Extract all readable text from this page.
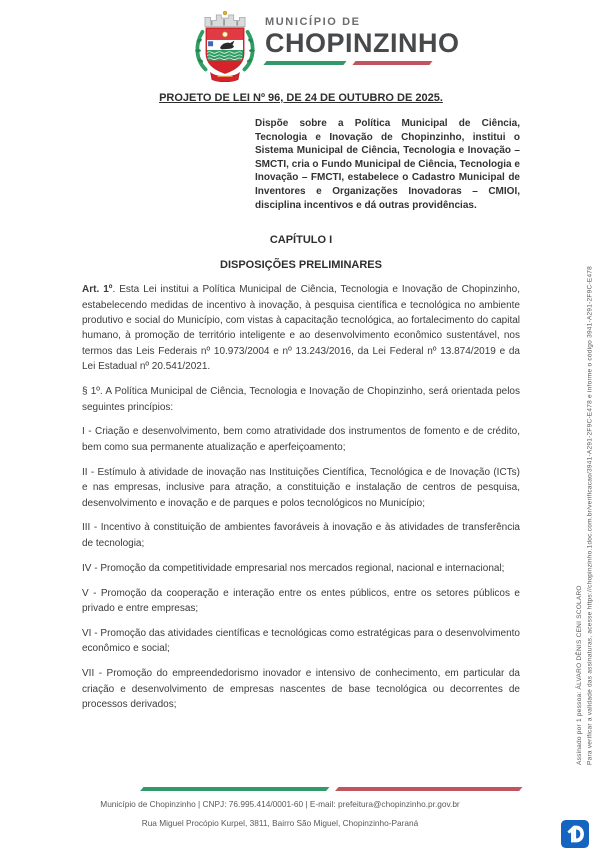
MUNICÍPIO DE
CHOPINZINHO
PROJETO DE LEI Nº 96, DE 24 DE OUTUBRO DE 2025.
Dispõe sobre a Política Municipal de Ciência, Tecnologia e Inovação de Chopinzinho, institui o Sistema Municipal de Ciência, Tecnologia e Inovação – SMCTI, cria o Fundo Municipal de Ciência, Tecnologia e Inovação – FMCTI, estabelece o Cadastro Municipal de Inventores e Organizações Inovadoras – CMIOI, disciplina incentivos e dá outras providências.
CAPÍTULO I
DISPOSIÇÕES PRELIMINARES

Art. 1º. Esta Lei institui a Política Municipal de Ciência, Tecnologia e Inovação de Chopinzinho, estabelecendo medidas de incentivo à inovação, à pesquisa científica e tecnológica no ambiente produtivo e social do Município, com vistas à capacitação tecnológica, ao fortalecimento do capital humano, à promoção de território inteligente e ao desenvolvimento econômico sustentável, nos termos das Leis Federais nº 10.973/2004 e nº 13.243/2016, da Lei Federal nº 13.874/2019 e da Lei Estadual nº 20.541/2021.

§ 1º. A Política Municipal de Ciência, Tecnologia e Inovação de Chopinzinho, será orientada pelos seguintes princípios:

I - Criação e desenvolvimento, bem como atratividade dos instrumentos de fomento e de crédito, bem como sua permanente atualização e aperfeiçoamento;

II - Estímulo à atividade de inovação nas Instituições Científica, Tecnológica e de Inovação (ICTs) e nas empresas, inclusive para atração, a constituição e instalação de centros de pesquisa, desenvolvimento e inovação e de parques e polos tecnológicos no Município;

III - Incentivo à constituição de ambientes favoráveis à inovação e às atividades de transferência de tecnologia;

IV - Promoção da competitividade empresarial nos mercados regional, nacional e internacional;

V - Promoção da cooperação e interação entre os entes públicos, entre os setores públicos e privado e entre empresas;

VI - Promoção das atividades científicas e tecnológicas como estratégicas para o desenvolvimento econômico e social;

VII - Promoção do empreendedorismo inovador e intensivo de conhecimento, em particular da criação e desenvolvimento de empresas nascentes de base tecnológica ou decorrentes de processos derivados;

Município de Chopinzinho | CNPJ: 76.995.414/0001-60 | E-mail: prefeitura@chopinzinho.pr.gov.br
Rua Miguel Procópio Kurpel, 3811, Bairro São Miguel, Chopinzinho-Paraná
Assinado por 1 pessoa: ÁLVARO DÊNIS CENI SCOLARO Para verificar a validade das assinaturas, acesse https://chopinzinho.1doc.com.br/verificacao/3941-A291-2F9C-E478 e informe o código 3941-A291-2F9C-E478
